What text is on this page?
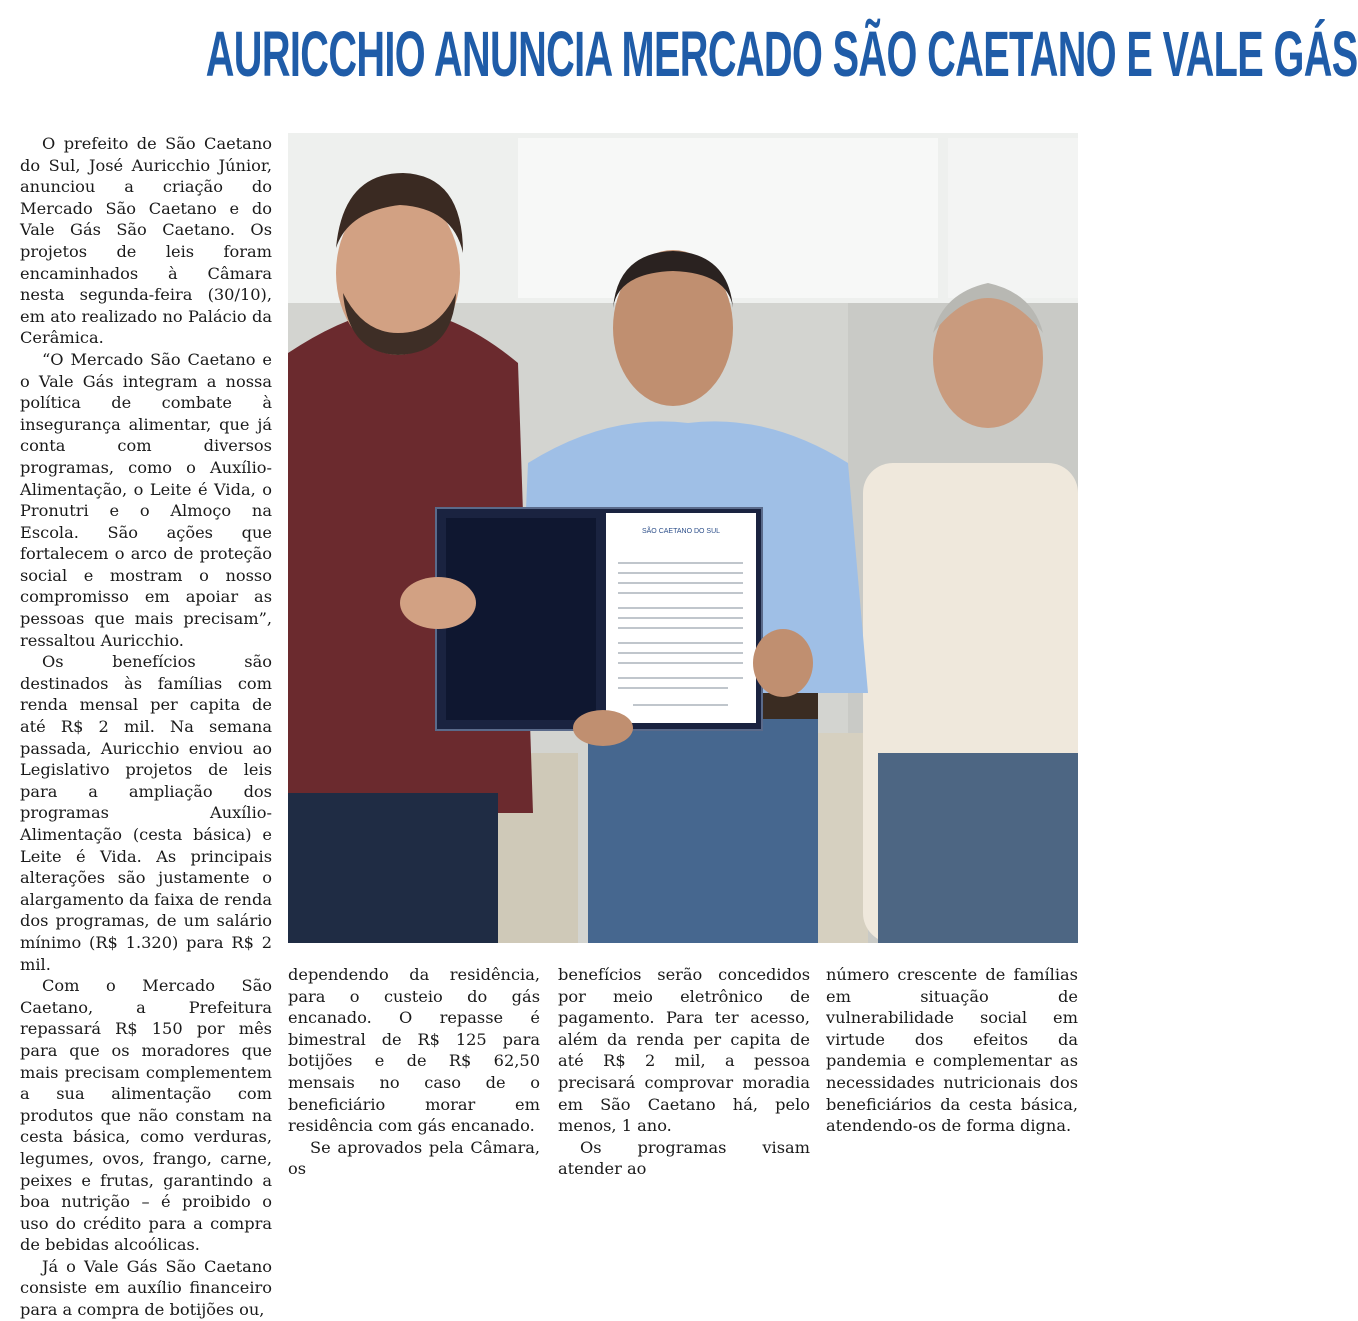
AURICCHIO ANUNCIA MERCADO SÃO CAETANO E VALE GÁS

O prefeito de São Caetano do Sul, José Auricchio Júnior, anunciou a criação do Mercado São Caetano e do Vale Gás São Caetano. Os projetos de leis foram encaminhados à Câmara nesta segunda-feira (30/10), em ato realizado no Palácio da Cerâmica.

“O Mercado São Caetano e o Vale Gás integram a nossa política de combate à insegurança alimentar, que já conta com diversos programas, como o Auxílio-Alimentação, o Leite é Vida, o Pronutri e o Almoço na Escola. São ações que fortalecem o arco de proteção social e mostram o nosso compromisso em apoiar as pessoas que mais precisam”, ressaltou Auricchio.

Os benefícios são destinados às famílias com renda mensal per capita de até R$ 2 mil. Na semana passada, Auricchio enviou ao Legislativo projetos de leis para a ampliação dos programas Auxílio-Alimentação (cesta básica) e Leite é Vida. As principais alterações são justamente o alargamento da faixa de renda dos programas, de um salário mínimo (R$ 1.320) para R$ 2 mil.

Com o Mercado São Caetano, a Prefeitura repassará R$ 150 por mês para que os moradores que mais precisam complementem a sua alimentação com produtos que não constam na cesta básica, como verduras, legumes, ovos, frango, carne, peixes e frutas, garantindo a boa nutrição – é proibido o uso do crédito para a compra de bebidas alcoólicas.

Já o Vale Gás São Caetano consiste em auxílio financeiro para a compra de botijões ou,

SÃO CAETANO DO SUL

dependendo da residência, para o custeio do gás encanado. O repasse é bimestral de R$ 125 para botijões e de R$ 62,50 mensais no caso de o beneficiário morar em residência com gás encanado.

Se aprovados pela Câmara, os

benefícios serão concedidos por meio eletrônico de pagamento. Para ter acesso, além da renda per capita de até R$ 2 mil, a pessoa precisará comprovar moradia em São Caetano há, pelo menos, 1 ano.

Os programas visam atender ao

número crescente de famílias em situação de vulnerabilidade social em virtude dos efeitos da pandemia e complementar as necessidades nutricionais dos beneficiários da cesta básica, atendendo-os de forma digna.
